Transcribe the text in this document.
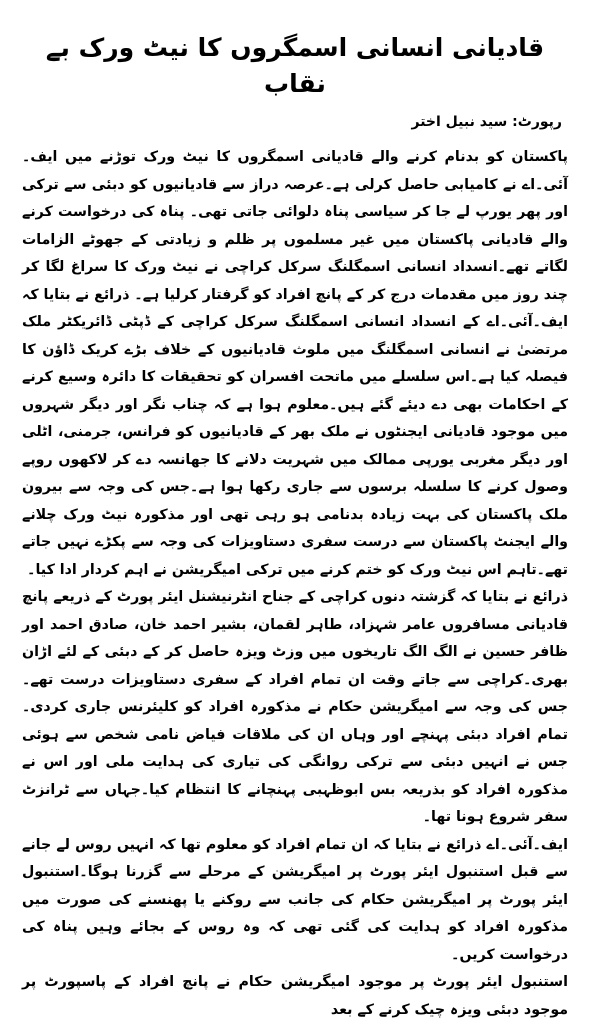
قادیانی انسانی اسمگروں کا نیٹ ورک بے نقاب
رپورٹ: سید نبیل اختر

پاکستان کو بدنام کرنے والے قادیانی اسمگروں کا نیٹ ورک توڑنے میں ایف۔آئی۔اے نے کامیابی حاصل کرلی ہے۔عرصہ دراز سے قادیانیوں کو دبئی سے ترکی اور پھر یورپ لے جا کر سیاسی پناہ دلوائی جاتی تھی۔ پناہ کی درخواست کرنے والے قادیانی پاکستان میں غیر مسلموں پر ظلم و زیادتی کے جھوٹے الزامات لگاتے تھے۔انسداد انسانی اسمگلنگ سرکل کراچی نے نیٹ ورک کا سراغ لگا کر چند روز میں مقدمات درج کر کے پانچ افراد کو گرفتار کرلیا ہے۔ ذرائع نے بتایا کہ ایف۔آئی۔اے کے انسداد انسانی اسمگلنگ سرکل کراچی کے ڈپٹی ڈائریکٹر ملک مرتضیٰ نے انسانی اسمگلنگ میں ملوث قادیانیوں کے خلاف بڑے کریک ڈاؤن کا فیصلہ کیا ہے۔اس سلسلے میں ماتحت افسران کو تحقیقات کا دائرہ وسیع کرنے کے احکامات بھی دے دیئے گئے ہیں۔معلوم ہوا ہے کہ چناب نگر اور دیگر شہروں میں موجود قادیانی ایجنٹوں نے ملک بھر کے قادیانیوں کو فرانس، جرمنی، اٹلی اور دیگر مغربی یورپی ممالک میں شہریت دلانے کا جھانسہ دے کر لاکھوں روپے وصول کرنے کا سلسلہ برسوں سے جاری رکھا ہوا ہے۔جس کی وجہ سے بیرون ملک پاکستان کی بہت زیادہ بدنامی ہو رہی تھی اور مذکورہ نیٹ ورک چلانے والے ایجنٹ پاکستان سے درست سفری دستاویزات کی وجہ سے پکڑے نہیں جاتے تھے۔تاہم اس نیٹ ورک کو ختم کرنے میں ترکی امیگریشن نے اہم کردار ادا کیا۔

ذرائع نے بتایا کہ گزشتہ دنوں کراچی کے جناح انٹرنیشنل ایئر پورٹ کے ذریعے پانچ قادیانی مسافروں عامر شہزاد، طاہر لقمان، بشیر احمد خان، صادق احمد اور ظافر حسین نے الگ الگ تاریخوں میں وزٹ ویزہ حاصل کر کے دبئی کے لئے اڑان بھری۔کراچی سے جاتے وقت ان تمام افراد کے سفری دستاویزات درست تھے۔جس کی وجہ سے امیگریشن حکام نے مذکورہ افراد کو کلیئرنس جاری کردی۔تمام افراد دبئی پہنچے اور وہاں ان کی ملاقات فیاض نامی شخص سے ہوئی جس نے انہیں دبئی سے ترکی روانگی کی تیاری کی ہدایت ملی اور اس نے مذکورہ افراد کو بذریعہ بس ابوظہبی پہنچانے کا انتظام کیا۔جہاں سے ٹرانزٹ سفر شروع ہونا تھا۔

ایف۔آئی۔اے ذرائع نے بتایا کہ ان تمام افراد کو معلوم تھا کہ انہیں روس لے جانے سے قبل استنبول ایئر پورٹ پر امیگریشن کے مرحلے سے گزرنا ہوگا۔استنبول ایئر پورٹ پر امیگریشن حکام کی جانب سے روکنے یا پھنسنے کی صورت میں مذکورہ افراد کو ہدایت کی گئی تھی کہ وہ روس کے بجائے وہیں پناہ کی درخواست کریں۔

استنبول ایئر پورٹ پر موجود امیگریشن حکام نے پانچ افراد کے پاسپورٹ پر موجود دبئی ویزہ چیک کرنے کے بعد
